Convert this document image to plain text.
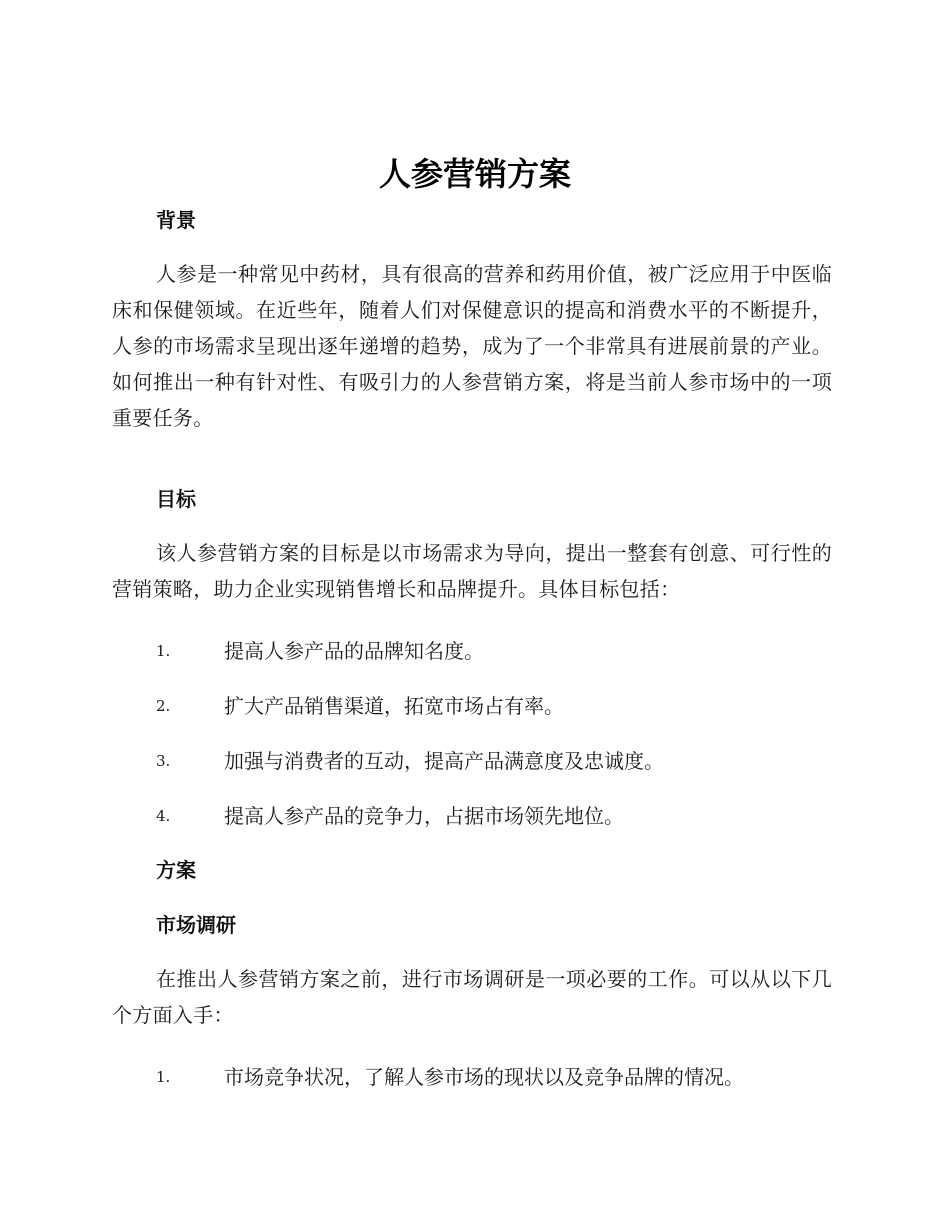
人参营销方案
背景
人参是一种常见中药材，具有很高的营养和药用价值，被广泛应用于中医临床和保健领域。在近些年，随着人们对保健意识的提高和消费水平的不断提升，人参的市场需求呈现出逐年递增的趋势，成为了一个非常具有进展前景的产业。如何推出一种有针对性、有吸引力的人参营销方案，将是当前人参市场中的一项重要任务。
目标
该人参营销方案的目标是以市场需求为导向，提出一整套有创意、可行性的营销策略，助力企业实现销售增长和品牌提升。具体目标包括：
1.	提高人参产品的品牌知名度。
2.	扩大产品销售渠道，拓宽市场占有率。
3.	加强与消费者的互动，提高产品满意度及忠诚度。
4.	提高人参产品的竞争力，占据市场领先地位。
方案
市场调研
在推出人参营销方案之前，进行市场调研是一项必要的工作。可以从以下几个方面入手：
1.	市场竞争状况，了解人参市场的现状以及竞争品牌的情况。
